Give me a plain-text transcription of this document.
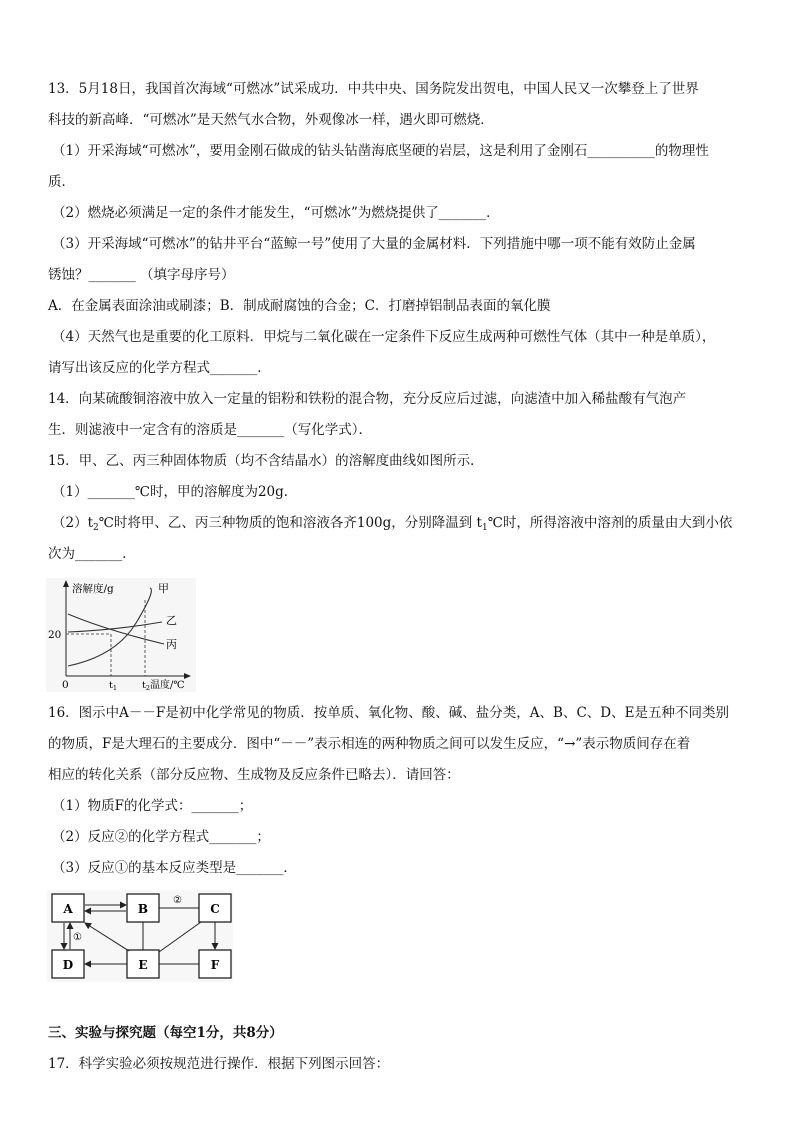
13．5月18日，我国首次海域“可燃冰”试采成功．中共中央、国务院发出贺电，中国人民又一次攀登上了世界
科技的新高峰．“可燃冰”是天然气水合物，外观像冰一样，遇火即可燃烧．
（1）开采海域“可燃冰”，要用金刚石做成的钻头钻凿海底坚硬的岩层，这是利用了金刚石__________的物理性
质．
（2）燃烧必须满足一定的条件才能发生，“可燃冰”为燃烧提供了_______．
（3）开采海域“可燃冰”的钻井平台“蓝鲸一号”使用了大量的金属材料．下列措施中哪一项不能有效防止金属
锈蚀？_______ （填字母序号）
A．在金属表面涂油或刷漆；B．制成耐腐蚀的合金；C．打磨掉铝制品表面的氧化膜
（4）天然气也是重要的化工原料．甲烷与二氧化碳在一定条件下反应生成两种可燃性气体（其中一种是单质），
请写出该反应的化学方程式_______．
14．向某硫酸铜溶液中放入一定量的铝粉和铁粉的混合物，充分反应后过滤，向滤渣中加入稀盐酸有气泡产
生．则滤液中一定含有的溶质是_______（写化学式）．
15．甲、乙、丙三种固体物质（均不含结晶水）的溶解度曲线如图所示．
（1）_______℃时，甲的溶解度为20g．
$(2)t_2℃$时将甲、乙、丙三种物质的饱和溶液各齐100g，分别降温到 $t_1℃$时，所得溶液中溶剂的质量由大到小依
次为_______．
溶解度/g
20
0	$t_1$	$t_2$ 温度/℃
甲
乙
丙
16．图示中A－－F是初中化学常见的物质．按单质、氧化物、酸、碱、盐分类，A、B、C、D、E是五种不同类别
的物质，F是大理石的主要成分．图中“－－”表示相连的两种物质之间可以发生反应，“→”表示物质间存在着
相应的转化关系（部分反应物、生成物及反应条件已略去）．请回答：
（1）物质F的化学式：_______；
（2）反应②的化学方程式_______；
（3）反应①的基本反应类型是_______．
A	B	C
D	E	F
②
①
三、实验与探究题（每空1分，共8分）
17．科学实验必须按规范进行操作．根据下列图示回答：
